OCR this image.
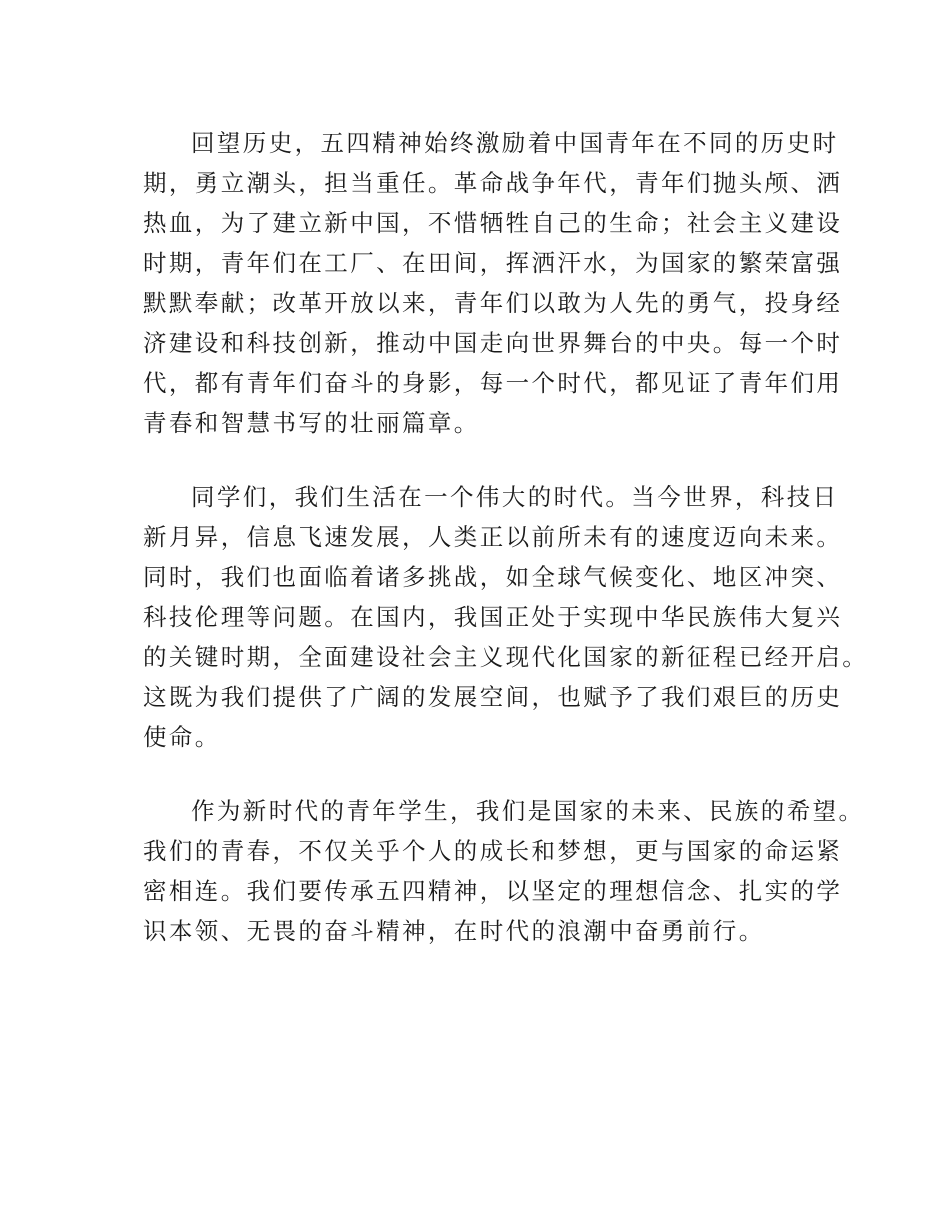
回望历史，五四精神始终激励着中国青年在不同的历史时
期，勇立潮头，担当重任。革命战争年代，青年们抛头颅、洒
热血，为了建立新中国，不惜牺牲自己的生命；社会主义建设
时期，青年们在工厂、在田间，挥洒汗水，为国家的繁荣富强
默默奉献；改革开放以来，青年们以敢为人先的勇气，投身经
济建设和科技创新，推动中国走向世界舞台的中央。每一个时
代，都有青年们奋斗的身影，每一个时代，都见证了青年们用
青春和智慧书写的壮丽篇章。
同学们，我们生活在一个伟大的时代。当今世界，科技日
新月异，信息飞速发展，人类正以前所未有的速度迈向未来。
同时，我们也面临着诸多挑战，如全球气候变化、地区冲突、
科技伦理等问题。在国内，我国正处于实现中华民族伟大复兴
的关键时期，全面建设社会主义现代化国家的新征程已经开启。
这既为我们提供了广阔的发展空间，也赋予了我们艰巨的历史
使命。
作为新时代的青年学生，我们是国家的未来、民族的希望。
我们的青春，不仅关乎个人的成长和梦想，更与国家的命运紧
密相连。我们要传承五四精神，以坚定的理想信念、扎实的学
识本领、无畏的奋斗精神，在时代的浪潮中奋勇前行。
